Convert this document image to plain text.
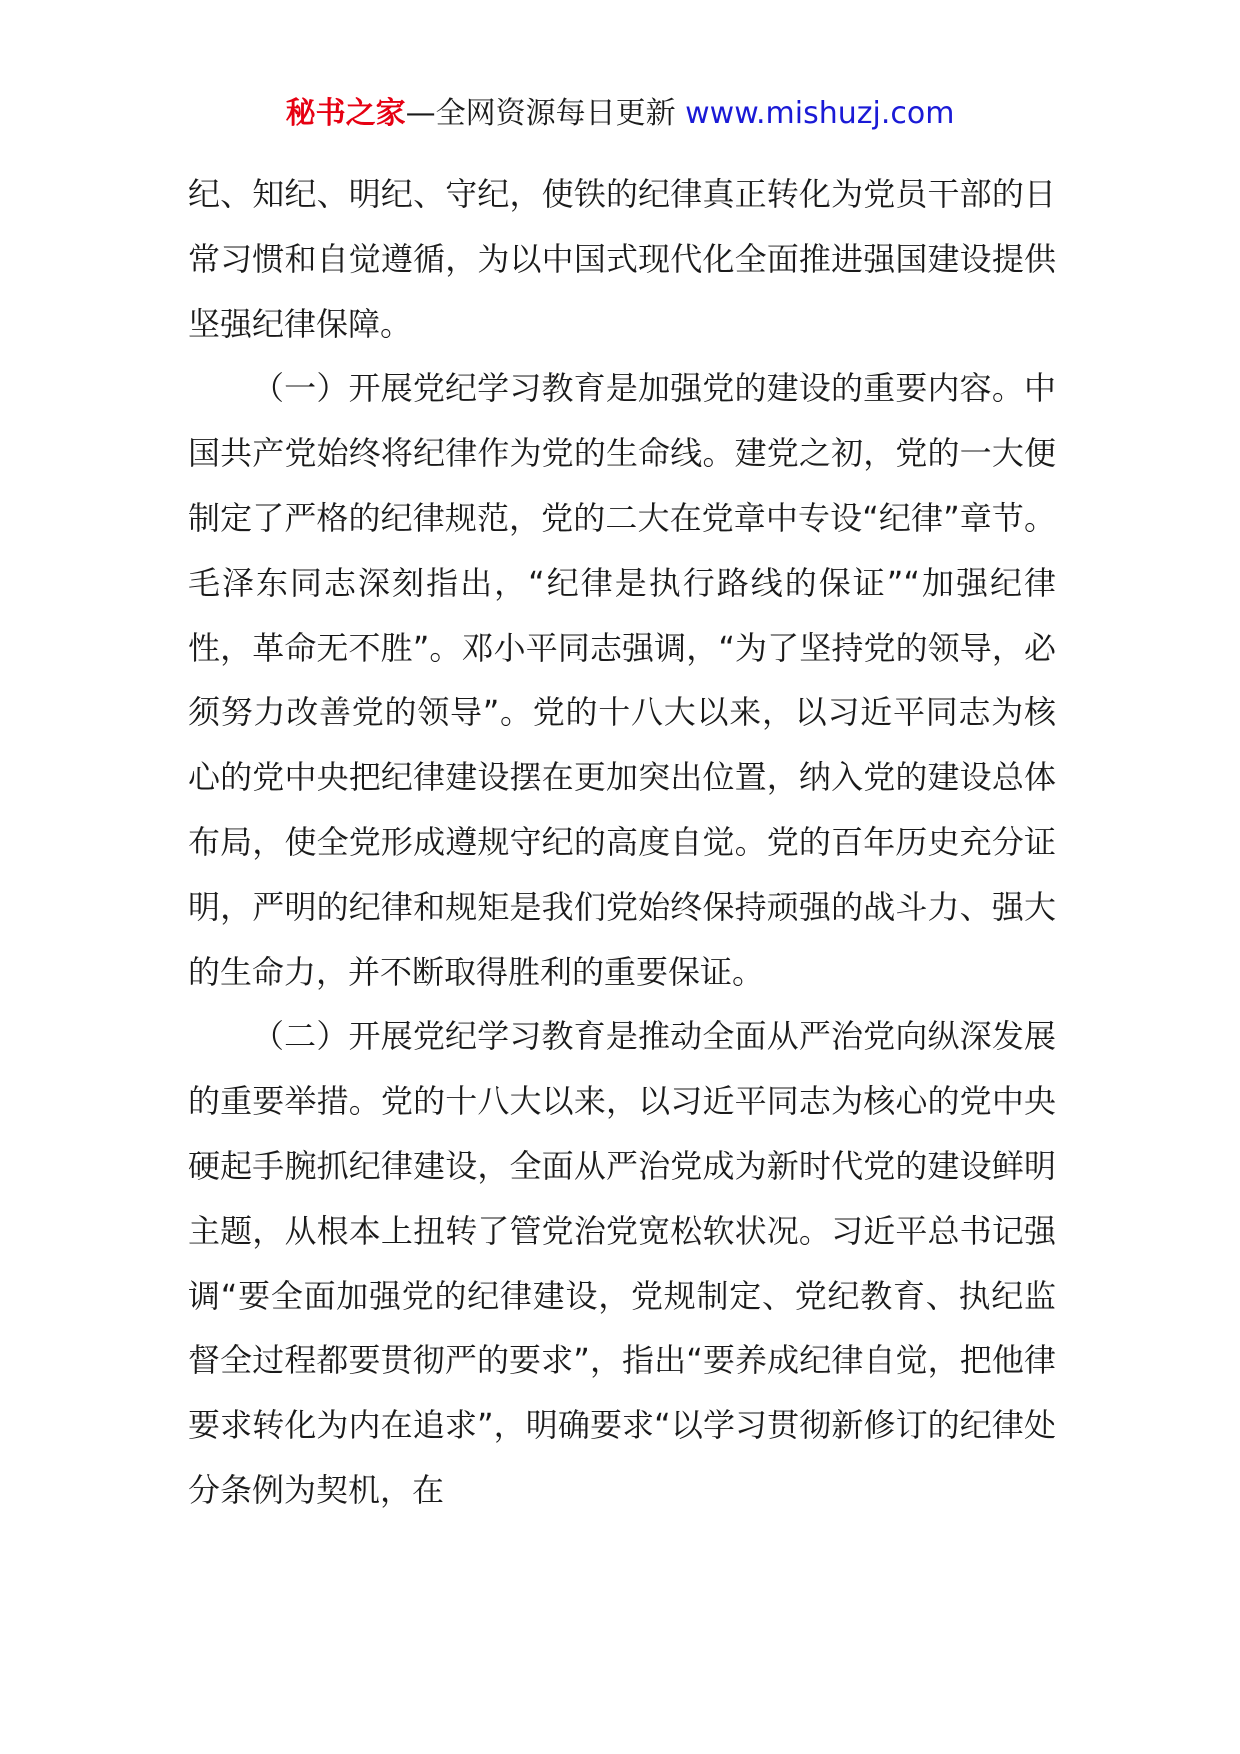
秘书之家—全网资源每日更新 www.mishuzj.com

纪、知纪、明纪、守纪，使铁的纪律真正转化为党员干部的日常习惯和自觉遵循，为以中国式现代化全面推进强国建设提供坚强纪律保障。

（一）开展党纪学习教育是加强党的建设的重要内容。中国共产党始终将纪律作为党的生命线。建党之初，党的一大便制定了严格的纪律规范，党的二大在党章中专设“纪律”章节。毛泽东同志深刻指出，“纪律是执行路线的保证”“加强纪律性，革命无不胜”。邓小平同志强调，“为了坚持党的领导，必须努力改善党的领导”。党的十八大以来，以习近平同志为核心的党中央把纪律建设摆在更加突出位置，纳入党的建设总体布局，使全党形成遵规守纪的高度自觉。党的百年历史充分证明，严明的纪律和规矩是我们党始终保持顽强的战斗力、强大的生命力，并不断取得胜利的重要保证。

（二）开展党纪学习教育是推动全面从严治党向纵深发展的重要举措。党的十八大以来，以习近平同志为核心的党中央硬起手腕抓纪律建设，全面从严治党成为新时代党的建设鲜明主题，从根本上扭转了管党治党宽松软状况。习近平总书记强调“要全面加强党的纪律建设，党规制定、党纪教育、执纪监督全过程都要贯彻严的要求”，指出“要养成纪律自觉，把他律要求转化为内在追求”，明确要求“以学习贯彻新修订的纪律处分条例为契机，在
